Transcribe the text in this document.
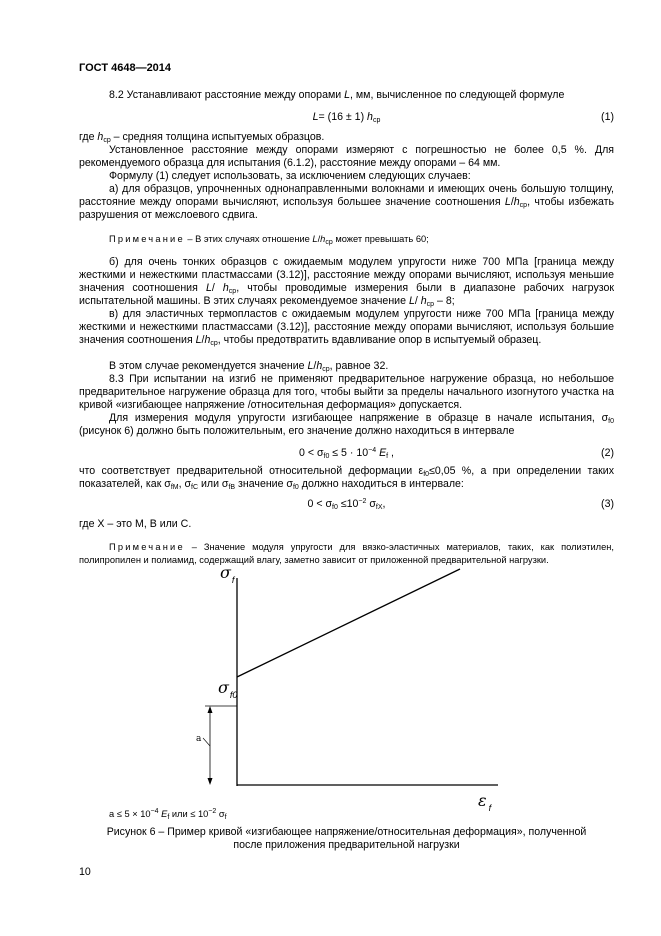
ГОСТ 4648—2014
8.2 Устанавливают расстояние между опорами L, мм, вычисленное по следующей формуле
L= (16 ± 1) $h_{ср}$	(1)
где $h_{ср}$ – средняя толщина испытуемых образцов.
Установленное расстояние между опорами измеряют с погрешностью не более 0,5 %. Для рекомендуемого образца для испытания (6.1.2), расстояние между опорами – 64 мм.
Формулу (1) следует использовать, за исключением следующих случаев:
а) для образцов, упрочненных однонаправленными волокнами и имеющих очень большую толщину, расстояние между опорами вычисляют, используя большее значение соотношения $L/h_{ср}$, чтобы избежать разрушения от межслоевого сдвига.
Примечание – В этих случаях отношение $L/h_{ср}$ может превышать 60;
б) для очень тонких образцов с ожидаемым модулем упругости ниже 700 МПа [граница между жесткими и нежесткими пластмассами (3.12)], расстояние между опорами вычисляют, используя меньшие значения соотношения L/ $h_{ср}$, чтобы проводимые измерения были в диапазоне рабочих нагрузок испытательной машины. В этих случаях рекомендуемое значение L/ $h_{ср} - 8$;
в) для эластичных термопластов с ожидаемым модулем упругости ниже 700 МПа [граница между жесткими и нежесткими пластмассами (3.12)], расстояние между опорами вычисляют, используя большие значения соотношения $L/h_{ср}$, чтобы предотвратить вдавливание опор в испытуемый образец.
В этом случае рекомендуется значение $L/h_{ср}$, равное 32.
8.3 При испытании на изгиб не применяют предварительное нагружение образца, но небольшое предварительное нагружение образца для того, чтобы выйти за пределы начального изогнутого участка на кривой «изгибающее напряжение /относительная деформация» допускается.
Для измерения модуля упругости изгибающее напряжение в образце в начале испытания, $\sigma_{f0}$ (рисунок 6) должно быть положительным, его значение должно находиться в интервале
$0 < \sigma_{f0} \le 5 \cdot 10^{-4}$ $E_f$ ,	(2)
что соответствует предварительной относительной деформации $\varepsilon_{f0}\le 0,05$ %, а при определении таких показателей, как $\sigma_{fM}$, $\sigma_{fC}$ или $\sigma_{fB}$ значение $\sigma_{f0}$ должно находиться в интервале:
$0 < \sigma_{f0} \le 10^{-2}$ $\sigma_{fX}$,	(3)
где X – это M, B или C.
Примечание – Значение модуля упругости для вязко-эластичных материалов, таких, как полиэтилен, полипропилен и полиамид, содержащий влагу, заметно зависит от приложенной предварительной нагрузки.
$\sigma_f$
$\sigma_{f0}$
a
ε $_f$
$a \le 5 \times 10^{-4}$ $E_f$ или ≤ $10^{-2}$ $\sigma_f$
Рисунок 6 – Пример кривой «изгибающее напряжение/относительная деформация», полученной
после приложения предварительной нагрузки
10
